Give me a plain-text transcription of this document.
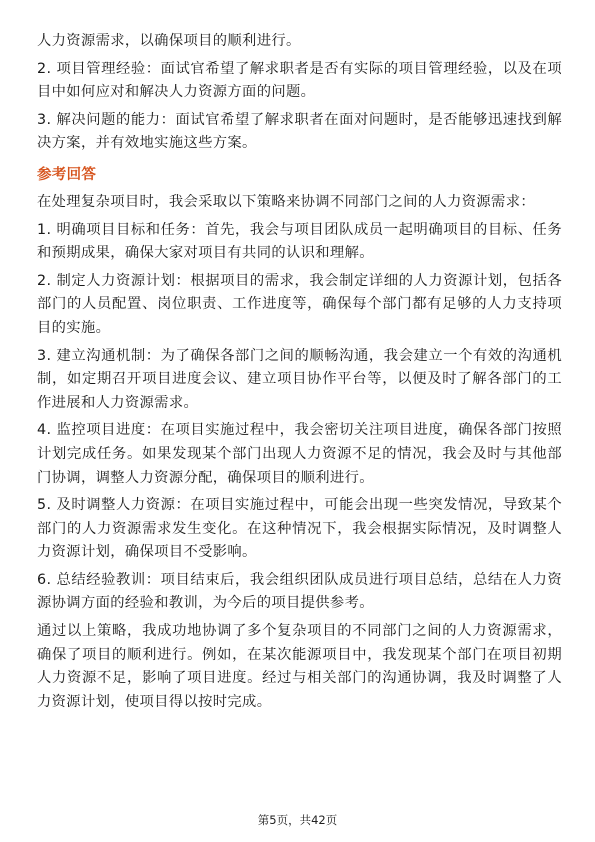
人力资源需求，以确保项目的顺利进行。

2. 项目管理经验：面试官希望了解求职者是否有实际的项目管理经验，以及在项目中如何应对和解决人力资源方面的问题。

3. 解决问题的能力：面试官希望了解求职者在面对问题时，是否能够迅速找到解决方案，并有效地实施这些方案。

参考回答

在处理复杂项目时，我会采取以下策略来协调不同部门之间的人力资源需求：

1. 明确项目目标和任务：首先，我会与项目团队成员一起明确项目的目标、任务和预期成果，确保大家对项目有共同的认识和理解。

2. 制定人力资源计划：根据项目的需求，我会制定详细的人力资源计划，包括各部门的人员配置、岗位职责、工作进度等，确保每个部门都有足够的人力支持项目的实施。

3. 建立沟通机制：为了确保各部门之间的顺畅沟通，我会建立一个有效的沟通机制，如定期召开项目进度会议、建立项目协作平台等，以便及时了解各部门的工作进展和人力资源需求。

4. 监控项目进度：在项目实施过程中，我会密切关注项目进度，确保各部门按照计划完成任务。如果发现某个部门出现人力资源不足的情况，我会及时与其他部门协调，调整人力资源分配，确保项目的顺利进行。

5. 及时调整人力资源：在项目实施过程中，可能会出现一些突发情况，导致某个部门的人力资源需求发生变化。在这种情况下，我会根据实际情况，及时调整人力资源计划，确保项目不受影响。

6. 总结经验教训：项目结束后，我会组织团队成员进行项目总结，总结在人力资源协调方面的经验和教训，为今后的项目提供参考。

通过以上策略，我成功地协调了多个复杂项目的不同部门之间的人力资源需求，确保了项目的顺利进行。例如，在某次能源项目中，我发现某个部门在项目初期人力资源不足，影响了项目进度。经过与相关部门的沟通协调，我及时调整了人力资源计划，使项目得以按时完成。

第5页，共42页
